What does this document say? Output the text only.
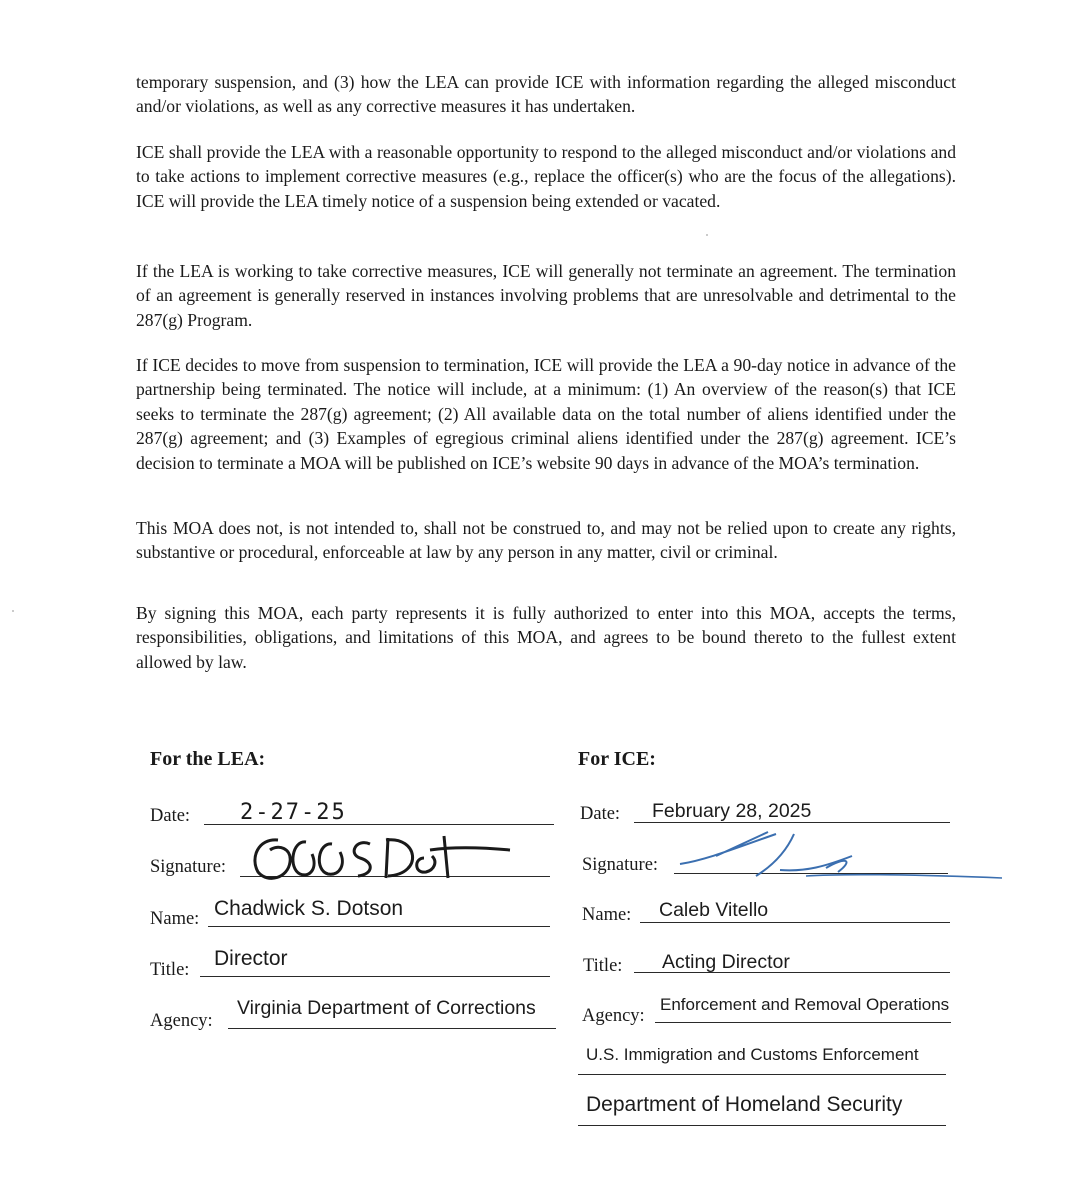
temporary suspension, and (3) how the LEA can provide ICE with information regarding the alleged misconduct and/or violations, as well as any corrective measures it has undertaken.

ICE shall provide the LEA with a reasonable opportunity to respond to the alleged misconduct and/or violations and to take actions to implement corrective measures (e.g., replace the officer(s) who are the focus of the allegations). ICE will provide the LEA timely notice of a suspension being extended or vacated.

If the LEA is working to take corrective measures, ICE will generally not terminate an agreement. The termination of an agreement is generally reserved in instances involving problems that are unresolvable and detrimental to the 287(g) Program.

If ICE decides to move from suspension to termination, ICE will provide the LEA a 90-day notice in advance of the partnership being terminated. The notice will include, at a minimum: (1) An overview of the reason(s) that ICE seeks to terminate the 287(g) agreement; (2) All available data on the total number of aliens identified under the 287(g) agreement; and (3) Examples of egregious criminal aliens identified under the 287(g) agreement. ICE’s decision to terminate a MOA will be published on ICE’s website 90 days in advance of the MOA’s termination.

This MOA does not, is not intended to, shall not be construed to, and may not be relied upon to create any rights, substantive or procedural, enforceable at law by any person in any matter, civil or criminal.

By signing this MOA, each party represents it is fully authorized to enter into this MOA, accepts the terms, responsibilities, obligations, and limitations of this MOA, and agrees to be bound thereto to the fullest extent allowed by law.

For the LEA:
Date: 2-27-25
Signature:
Name: Chadwick S. Dotson
Title: Director
Agency:
Virginia Department of Corrections
For ICE:
Date: February 28, 2025
Signature:
Name: Caleb Vitello
Title: Acting Director
Agency:
Enforcement and Removal Operations
U.S. Immigration and Customs Enforcement
Department of Homeland Security
